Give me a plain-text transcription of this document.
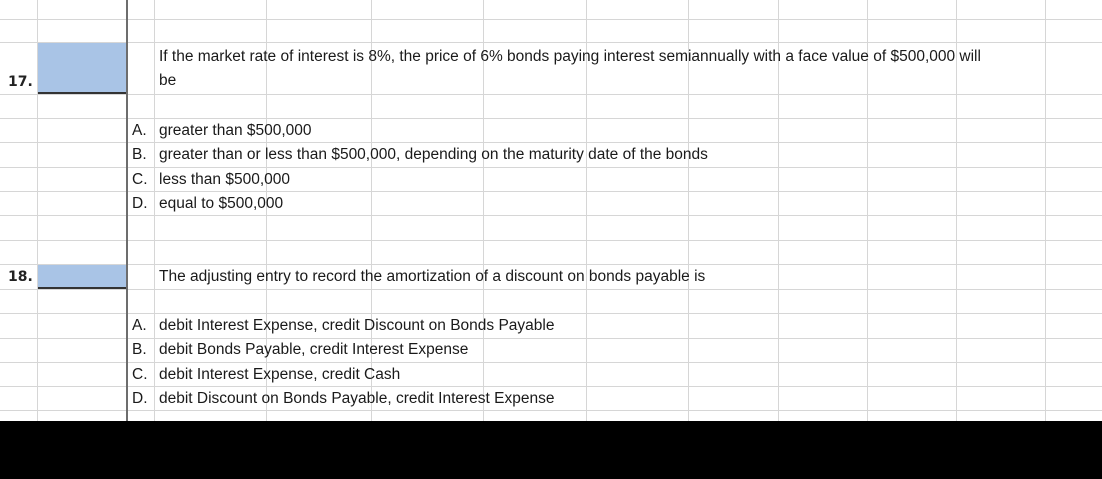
17.
If the market rate of interest is 8%, the price of 6% bonds paying interest semiannually with a face value of $500,000 will
be
A. greater than $500,000
B. greater than or less than $500,000, depending on the maturity date of the bonds
C. less than $500,000
D. equal to $500,000
18.	The adjusting entry to record the amortization of a discount on bonds payable is
A. debit Interest Expense, credit Discount on Bonds Payable
B. debit Bonds Payable, credit Interest Expense
C. debit Interest Expense, credit Cash
D. debit Discount on Bonds Payable, credit Interest Expense
